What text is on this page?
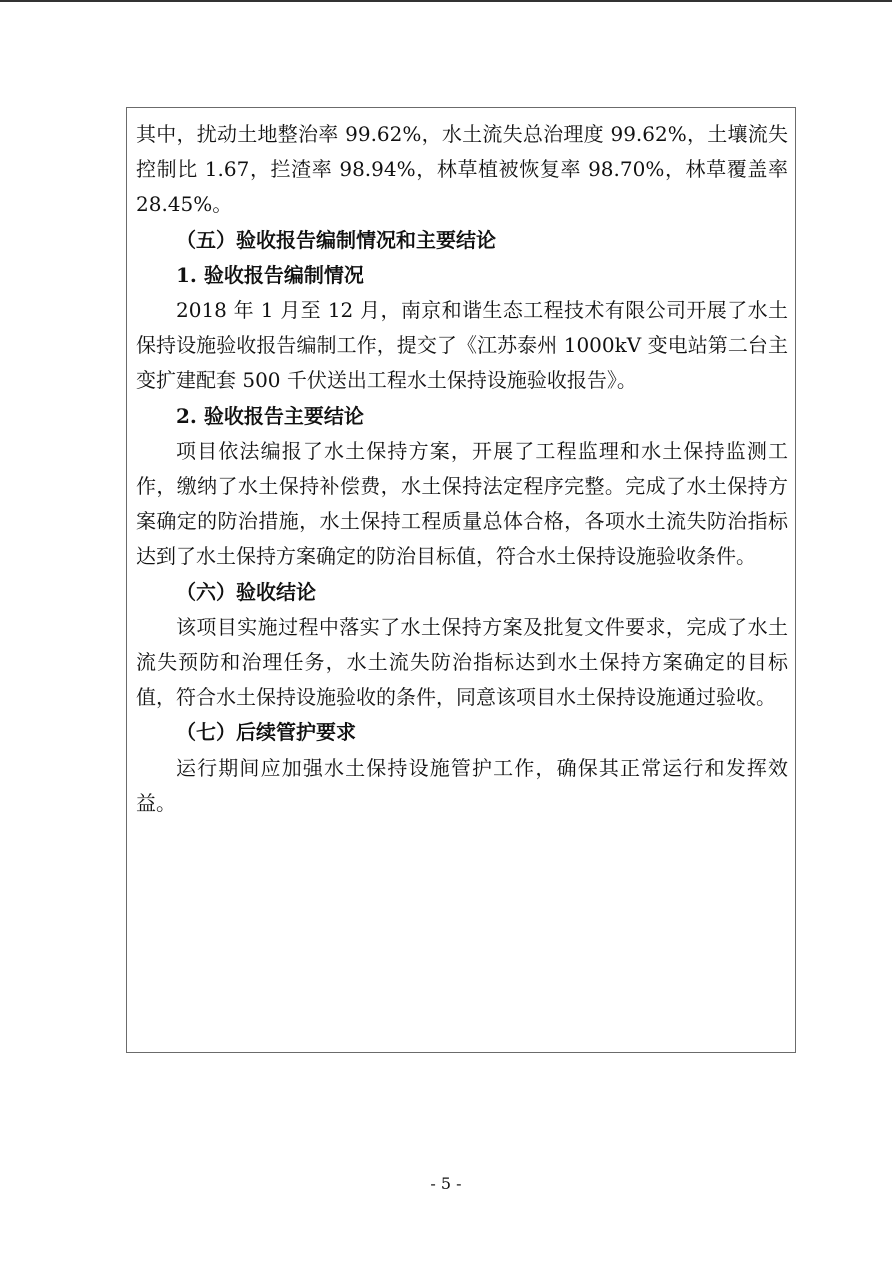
其中，扰动土地整治率 99.62%，水土流失总治理度 99.62%，土壤流失控制比 1.67，拦渣率 98.94%，林草植被恢复率 98.70%，林草覆盖率 28.45%。

（五）验收报告编制情况和主要结论

1. 验收报告编制情况

2018 年 1 月至 12 月，南京和谐生态工程技术有限公司开展了水土保持设施验收报告编制工作，提交了《江苏泰州 1000kV 变电站第二台主变扩建配套 500 千伏送出工程水土保持设施验收报告》。

2. 验收报告主要结论

项目依法编报了水土保持方案，开展了工程监理和水土保持监测工作，缴纳了水土保持补偿费，水土保持法定程序完整。完成了水土保持方案确定的防治措施，水土保持工程质量总体合格，各项水土流失防治指标达到了水土保持方案确定的防治目标值，符合水土保持设施验收条件。

（六）验收结论

该项目实施过程中落实了水土保持方案及批复文件要求，完成了水土流失预防和治理任务，水土流失防治指标达到水土保持方案确定的目标值，符合水土保持设施验收的条件，同意该项目水土保持设施通过验收。

（七）后续管护要求

运行期间应加强水土保持设施管护工作，确保其正常运行和发挥效益。

- 5 -
